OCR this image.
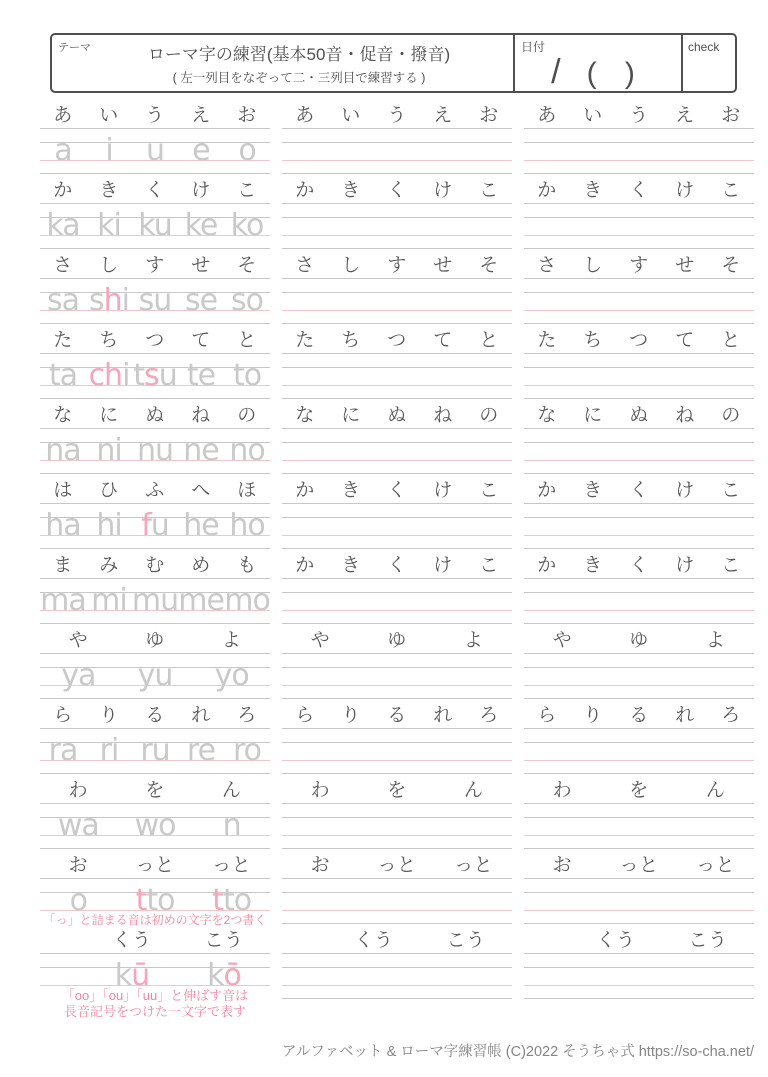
テーマ	ローマ字の練習(基本50音・促音・撥音)
( 左一列目をなぞって二・三列目で練習する )
日付
/ ( )
check
あ	い	う	え	お
a	i	u e o
あ	い	う	え	お	あ	い	う	え	お
か	き	く	け	こ
ka ki ku ke ko
か	き	く	け	こ	か	き	く	け	こ
さ	し	す	せ	そ
sa shi su se so
さ	し	す	せ	そ	さ	し	す	せ	そ
た	ち	つ	て	と
ta chi tsu te to
た	ち	つ	て	と	た	ち	つ	て	と
な	に	ぬ	ね	の
na ni nu ne no
な	に	ぬ	ね	の	な	に	ぬ	ね	の
は	ひ	ふ	へ	ほ
ha hi fu he ho
か	き	く	け	こ	か	き	く	け	こ
ま	み	む	め	も
ma mi mu me mo
か	き	く	け	こ	か	き	く	け	こ
や	ゆ	よ
ya	yu	yo
や	ゆ	よ	や	ゆ	よ
ら	り	る	れ	ろ
ra ri ru re ro
ら	り	る	れ	ろ	ら	り	る	れ	ろ
わ	を	ん
wa	wo	n
わ	を	ん	わ	を	ん
お	っと	っと
o	tto	tto
「っ」と詰まる音は初めの文字を2つ書く
お	っと	っと	お	っと	っと
くう	こう
kū	kō
「oo」「ou」「uu」と伸ばす音は
長音記号をつけた一文字で表す
くう	こう	くう	こう
アルファベット & ローマ字練習帳 (C)2022 そうちゃ式 https://so-cha.net/
